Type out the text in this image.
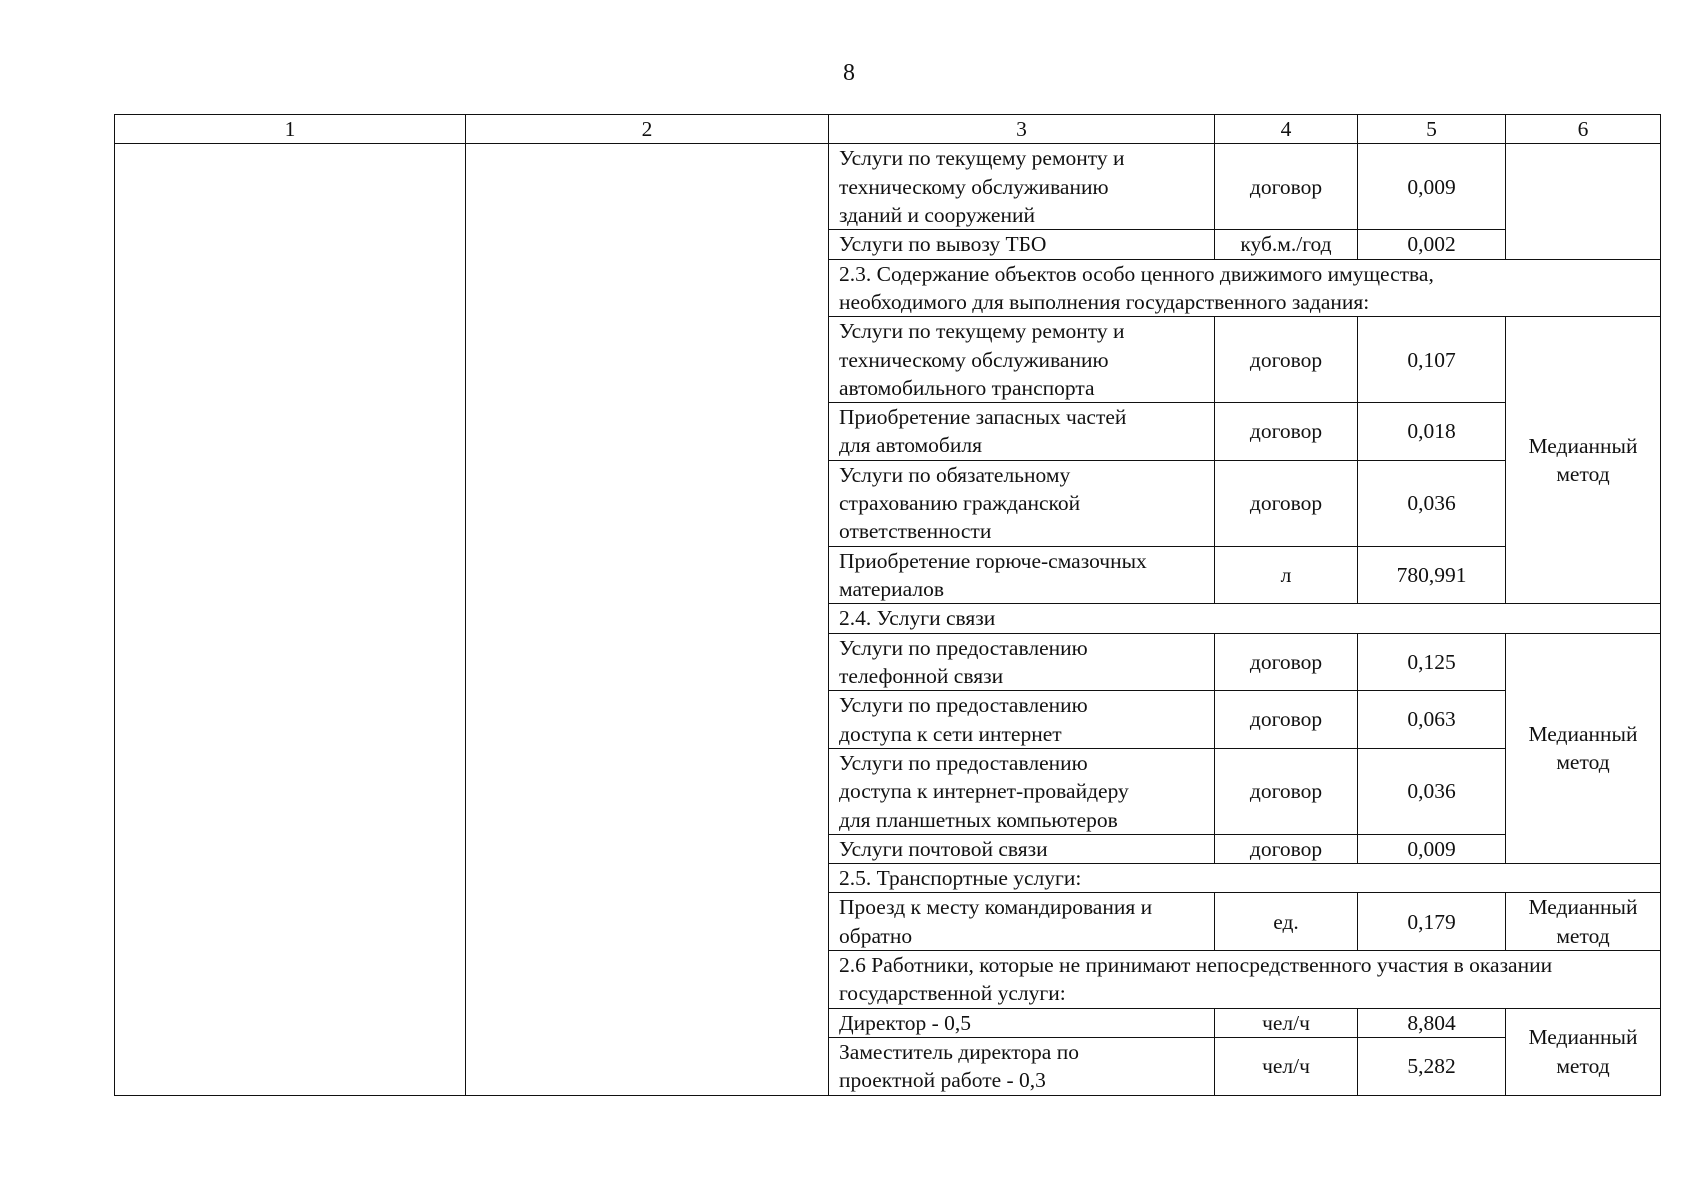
8
1	2	3	4	5	6
		Услуги по текущему ремонту и
техническому обслуживанию
зданий и сооружений	договор	0,009	
		Услуги по вывозу ТБО	куб.м./год	0,002	
		2.3. Содержание объектов особо ценного движимого имущества,
необходимого для выполнения государственного задания:			
		Услуги по текущему ремонту и
техническому обслуживанию
автомобильного транспорта	договор	0,107	Медианный
метод
		Приобретение запасных частей
для автомобиля	договор	0,018	
		Услуги по обязательному
страхованию гражданской
ответственности	договор	0,036	
		Приобретение горюче-смазочных
материалов	л	780,991	
		2.4. Услуги связи			
		Услуги по предоставлению
телефонной связи	договор	0,125	Медианный
метод
		Услуги по предоставлению
доступа к сети интернет	договор	0,063	
		Услуги по предоставлению
доступа к интернет-провайдеру
для планшетных компьютеров	договор	0,036	
		Услуги почтовой связи	договор	0,009	
		2.5. Транспортные услуги:			
		Проезд к месту командирования и
обратно	ед.	0,179	Медианный
метод
		2.6 Работники, которые не принимают непосредственного участия в оказании
государственной услуги:			
		Директор - 0,5	чел/ч	8,804	Медианный
метод
		Заместитель директора по
проектной работе - 0,3	чел/ч	5,282	
